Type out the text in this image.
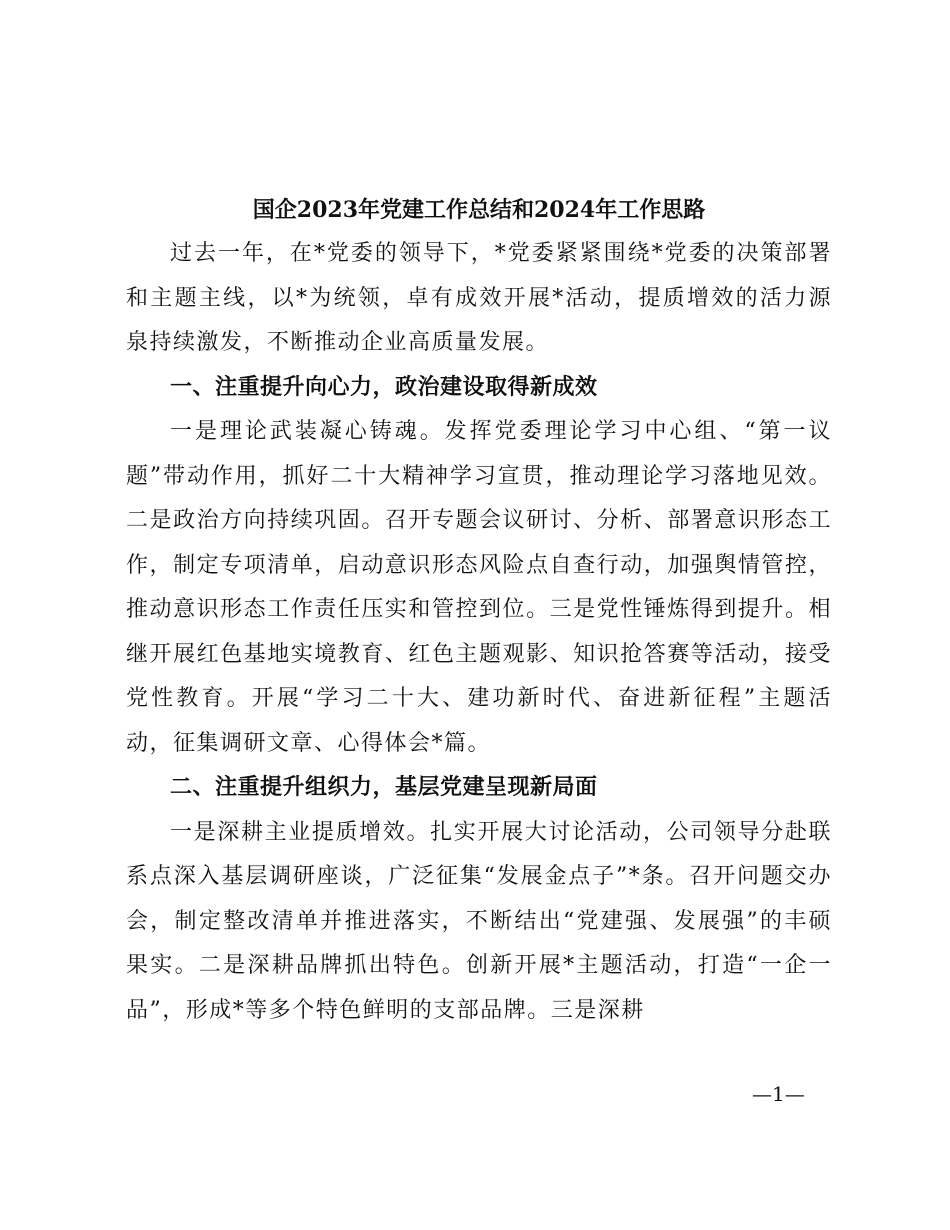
国企2023年党建工作总结和2024年工作思路

过去一年，在*党委的领导下，*党委紧紧围绕*党委的决策部署和主题主线，以*为统领，卓有成效开展*活动，提质增效的活力源泉持续激发，不断推动企业高质量发展。

一、注重提升向心力，政治建设取得新成效

一是理论武装凝心铸魂。发挥党委理论学习中心组、“第一议题”带动作用，抓好二十大精神学习宣贯，推动理论学习落地见效。二是政治方向持续巩固。召开专题会议研讨、分析、部署意识形态工作，制定专项清单，启动意识形态风险点自查行动，加强舆情管控，推动意识形态工作责任压实和管控到位。三是党性锤炼得到提升。相继开展红色基地实境教育、红色主题观影、知识抢答赛等活动，接受党性教育。开展“学习二十大、建功新时代、奋进新征程”主题活动，征集调研文章、心得体会*篇。

二、注重提升组织力，基层党建呈现新局面

一是深耕主业提质增效。扎实开展大讨论活动，公司领导分赴联系点深入基层调研座谈，广泛征集“发展金点子”*条。召开问题交办会，制定整改清单并推进落实，不断结出“党建强、发展强”的丰硕果实。二是深耕品牌抓出特色。创新开展*主题活动，打造“一企一品”，形成*等多个特色鲜明的支部品牌。三是深耕

—1—
